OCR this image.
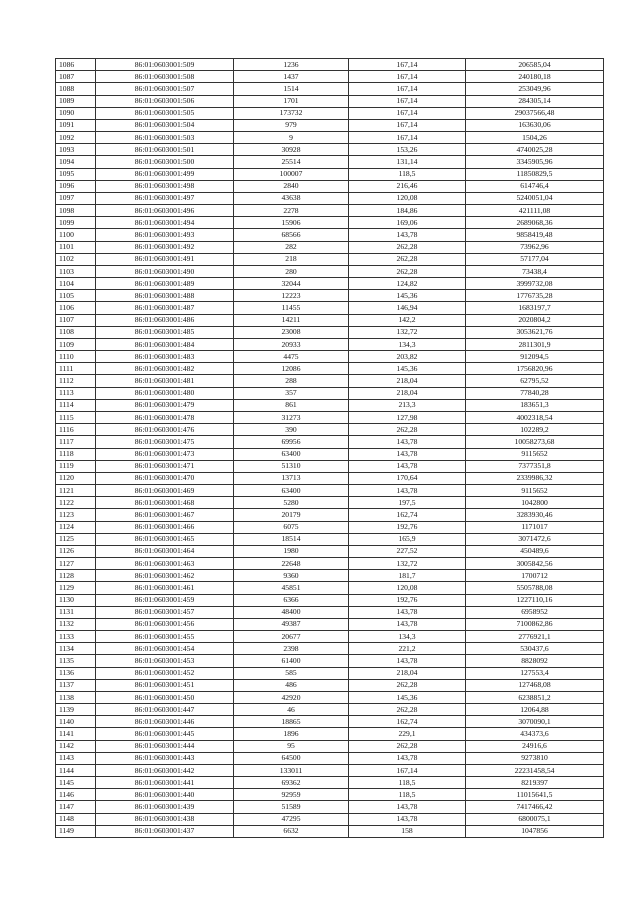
1086	86:01:0603001:509	1236	167,14	206585,04
1087	86:01:0603001:508	1437	167,14	240180,18
1088	86:01:0603001:507	1514	167,14	253049,96
1089	86:01:0603001:506	1701	167,14	284305,14
1090	86:01:0603001:505	173732	167,14	29037566,48
1091	86:01:0603001:504	979	167,14	163630,06
1092	86:01:0603001:503	9	167,14	1504,26
1093	86:01:0603001:501	30928	153,26	4740025,28
1094	86:01:0603001:500	25514	131,14	3345905,96
1095	86:01:0603001:499	100007	118,5	11850829,5
1096	86:01:0603001:498	2840	216,46	614746,4
1097	86:01:0603001:497	43638	120,08	5240051,04
1098	86:01:0603001:496	2278	184,86	421111,08
1099	86:01:0603001:494	15906	169,06	2689068,36
1100	86:01:0603001:493	68566	143,78	9858419,48
1101	86:01:0603001:492	282	262,28	73962,96
1102	86:01:0603001:491	218	262,28	57177,04
1103	86:01:0603001:490	280	262,28	73438,4
1104	86:01:0603001:489	32044	124,82	3999732,08
1105	86:01:0603001:488	12223	145,36	1776735,28
1106	86:01:0603001:487	11455	146,94	1683197,7
1107	86:01:0603001:486	14211	142,2	2020804,2
1108	86:01:0603001:485	23008	132,72	3053621,76
1109	86:01:0603001:484	20933	134,3	2811301,9
1110	86:01:0603001:483	4475	203,82	912094,5
1111	86:01:0603001:482	12086	145,36	1756820,96
1112	86:01:0603001:481	288	218,04	62795,52
1113	86:01:0603001:480	357	218,04	77840,28
1114	86:01:0603001:479	861	213,3	183651,3
1115	86:01:0603001:478	31273	127,98	4002318,54
1116	86:01:0603001:476	390	262,28	102289,2
1117	86:01:0603001:475	69956	143,78	10058273,68
1118	86:01:0603001:473	63400	143,78	9115652
1119	86:01:0603001:471	51310	143,78	7377351,8
1120	86:01:0603001:470	13713	170,64	2339986,32
1121	86:01:0603001:469	63400	143,78	9115652
1122	86:01:0603001:468	5280	197,5	1042800
1123	86:01:0603001:467	20179	162,74	3283930,46
1124	86:01:0603001:466	6075	192,76	1171017
1125	86:01:0603001:465	18514	165,9	3071472,6
1126	86:01:0603001:464	1980	227,52	450489,6
1127	86:01:0603001:463	22648	132,72	3005842,56
1128	86:01:0603001:462	9360	181,7	1700712
1129	86:01:0603001:461	45851	120,08	5505788,08
1130	86:01:0603001:459	6366	192,76	1227110,16
1131	86:01:0603001:457	48400	143,78	6958952
1132	86:01:0603001:456	49387	143,78	7100862,86
1133	86:01:0603001:455	20677	134,3	2776921,1
1134	86:01:0603001:454	2398	221,2	530437,6
1135	86:01:0603001:453	61400	143,78	8828092
1136	86:01:0603001:452	585	218,04	127553,4
1137	86:01:0603001:451	486	262,28	127468,08
1138	86:01:0603001:450	42920	145,36	6238851,2
1139	86:01:0603001:447	46	262,28	12064,88
1140	86:01:0603001:446	18865	162,74	3070090,1
1141	86:01:0603001:445	1896	229,1	434373,6
1142	86:01:0603001:444	95	262,28	24916,6
1143	86:01:0603001:443	64500	143,78	9273810
1144	86:01:0603001:442	133011	167,14	22231458,54
1145	86:01:0603001:441	69362	118,5	8219397
1146	86:01:0603001:440	92959	118,5	11015641,5
1147	86:01:0603001:439	51589	143,78	7417466,42
1148	86:01:0603001:438	47295	143,78	6800075,1
1149	86:01:0603001:437	6632	158	1047856
